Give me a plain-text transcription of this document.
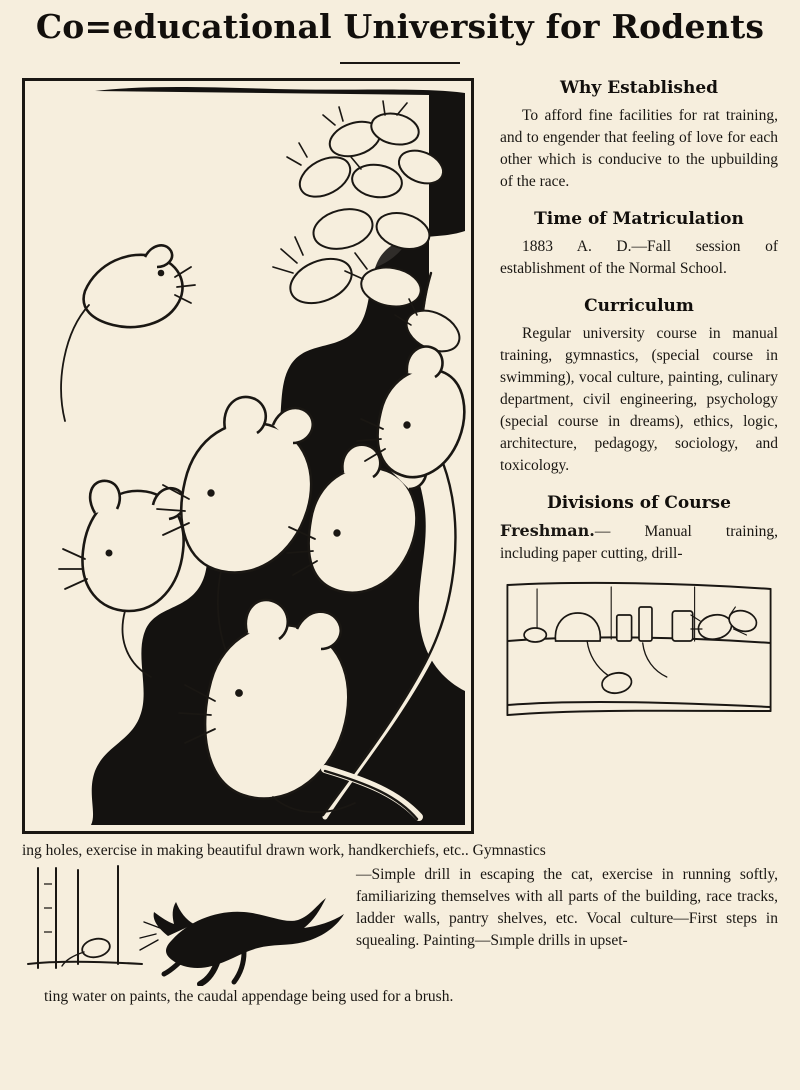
Co=educational University for Rodents
Why Established

To afford fine facilities for rat training, and to engender that feeling of love for each other which is conducive to the upbuilding of the race.

Time of Matriculation

1883 A. D.—Fall session of establishment of the Normal School.

Curriculum

Regular university course in manual training, gymnastics, (special course in swimming), vocal culture, painting, culinary department, civil engineering, psychology (special course in dreams), ethics, logic, architecture, pedagogy, sociology, and toxicology.

Divisions of Course

Freshman.— Manual training, including paper cutting, drill-

ing holes, exercise in making beautiful drawn work, handkerchiefs, etc.. Gymnastics

—Simple drill in escaping the cat, exercise in running softly, familiarizing themselves with all parts of the building, race tracks, ladder walls, pantry shelves, etc. Vocal culture—First steps in squealing. Painting—Sımple drills in upset-

ting water on paints, the caudal appendage being used for a brush.
